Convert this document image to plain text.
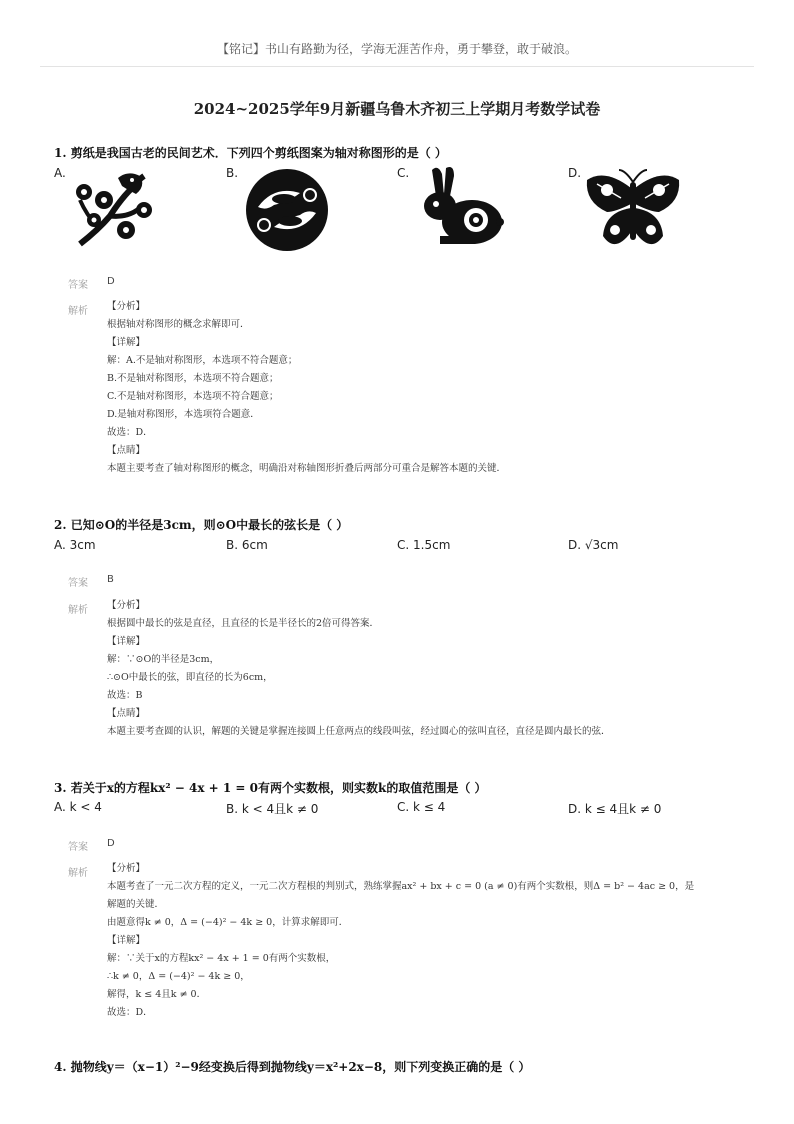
【铭记】书山有路勤为径，学海无涯苦作舟，勇于攀登，敢于破浪。
2024~2025学年9月新疆乌鲁木齐初三上学期月考数学试卷
1. 剪纸是我国古老的民间艺术．下列四个剪纸图案为轴对称图形的是（ ）
A.	B.	C.	D.
答案 D
解析 【分析】
根据轴对称图形的概念求解即可．
【详解】
解：A.不是轴对称图形，本选项不符合题意；
B.不是轴对称图形，本选项不符合题意；
C.不是轴对称图形，本选项不符合题意；
D.是轴对称图形，本选项符合题意．
故选：D．
【点睛】
本题主要考查了轴对称图形的概念，明确沿对称轴图形折叠后两部分可重合是解答本题的关键．
2. 已知⊙O的半径是3cm，则⊙O中最长的弦长是（ ）
A. 3cm	B. 6cm	C. 1.5cm	D. √3cm
答案 B
解析 【分析】
根据圆中最长的弦是直径，且直径的长是半径长的2倍可得答案．
【详解】
解：∵⊙O的半径是3cm，
∴⊙O中最长的弦，即直径的长为6cm，
故选：B
【点睛】
本题主要考查圆的认识，解题的关键是掌握连接圆上任意两点的线段叫弦，经过圆心的弦叫直径，直径是圆内最长的弦．
3. 若关于x的方程kx² − 4x + 1 = 0有两个实数根，则实数k的取值范围是（ ）
A. k < 4	B. k < 4且k ≠ 0	C. k ≤ 4	D. k ≤ 4且k ≠ 0
答案 D
解析 【分析】
本题考查了一元二次方程的定义，一元二次方程根的判别式，熟练掌握ax² + bx + c = 0 (a ≠ 0)有两个实数根，则Δ = b² − 4ac ≥ 0，是
解题的关键．
由题意得k ≠ 0，Δ = (−4)² − 4k ≥ 0，计算求解即可．
【详解】
解：∵关于x的方程kx² − 4x + 1 = 0有两个实数根，
∴k ≠ 0，Δ = (−4)² − 4k ≥ 0，
解得，k ≤ 4且k ≠ 0．
故选：D．
4. 抛物线y＝（x−1）²−9经变换后得到抛物线y＝x²+2x−8，则下列变换正确的是（ ）
